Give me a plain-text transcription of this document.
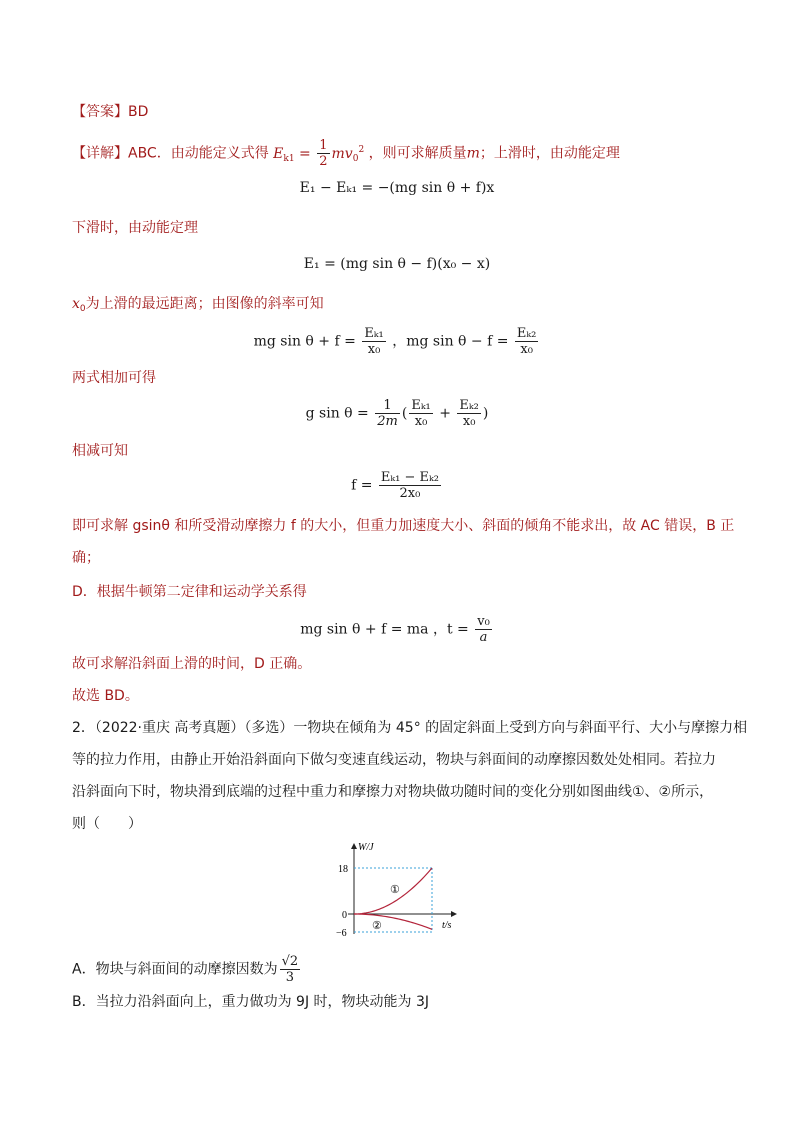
【答案】BD
【详解】ABC．由动能定义式得 $E_{k1} = \frac{1}{2} mv_0^2$ ，则可求解质量m；上滑时，由动能定理
E₁ − Eₖ₁ = −(mg sin θ + f)x
下滑时，由动能定理
E₁ = (mg sin θ − f)(x₀ − x)
$x_0$为上滑的最远距离；由图像的斜率可知
mg $\sin \theta + f = \frac{\text{Eₖ₁}}{\text{x₀}}$ ，mg $\sin \theta - f = \frac{\text{Eₖ₂}}{\text{x₀}}$
两式相加可得
g $\sin \theta = \frac{1}{2m}$ ( $\frac{\text{Eₖ₁}}{\text{x₀}} + \frac{\text{Eₖ₂}}{\text{x₀}}$ )
相减可知
$f = \frac{\text{Eₖ₁ − Eₖ₂}}{\text{2x₀}}$
即可求解 gsinθ 和所受滑动摩擦力 f 的大小，但重力加速度大小、斜面的倾角不能求出，故 AC 错误，B 正
确；
D．根据牛顿第二定律和运动学关系得
mg sin θ + f = ma ，$t = \frac{\text{v₀}}{a}$
故可求解沿斜面上滑的时间，D 正确。
故选 BD。
2．（2022·重庆 高考真题）（多选）一物块在倾角为 45° 的固定斜面上受到方向与斜面平行、大小与摩擦力相
等的拉力作用，由静止开始沿斜面向下做匀变速直线运动，物块与斜面间的动摩擦因数处处相同。若拉力
沿斜面向下时，物块滑到底端的过程中重力和摩擦力对物块做功随时间的变化分别如图曲线①、②所示，
则（　　）
W/J
t/s
18
0
−6
①
②
A．物块与斜面间的动摩擦因数为 $\frac{√2}{3}$
B．当拉力沿斜面向上，重力做功为 9J 时，物块动能为 3J
